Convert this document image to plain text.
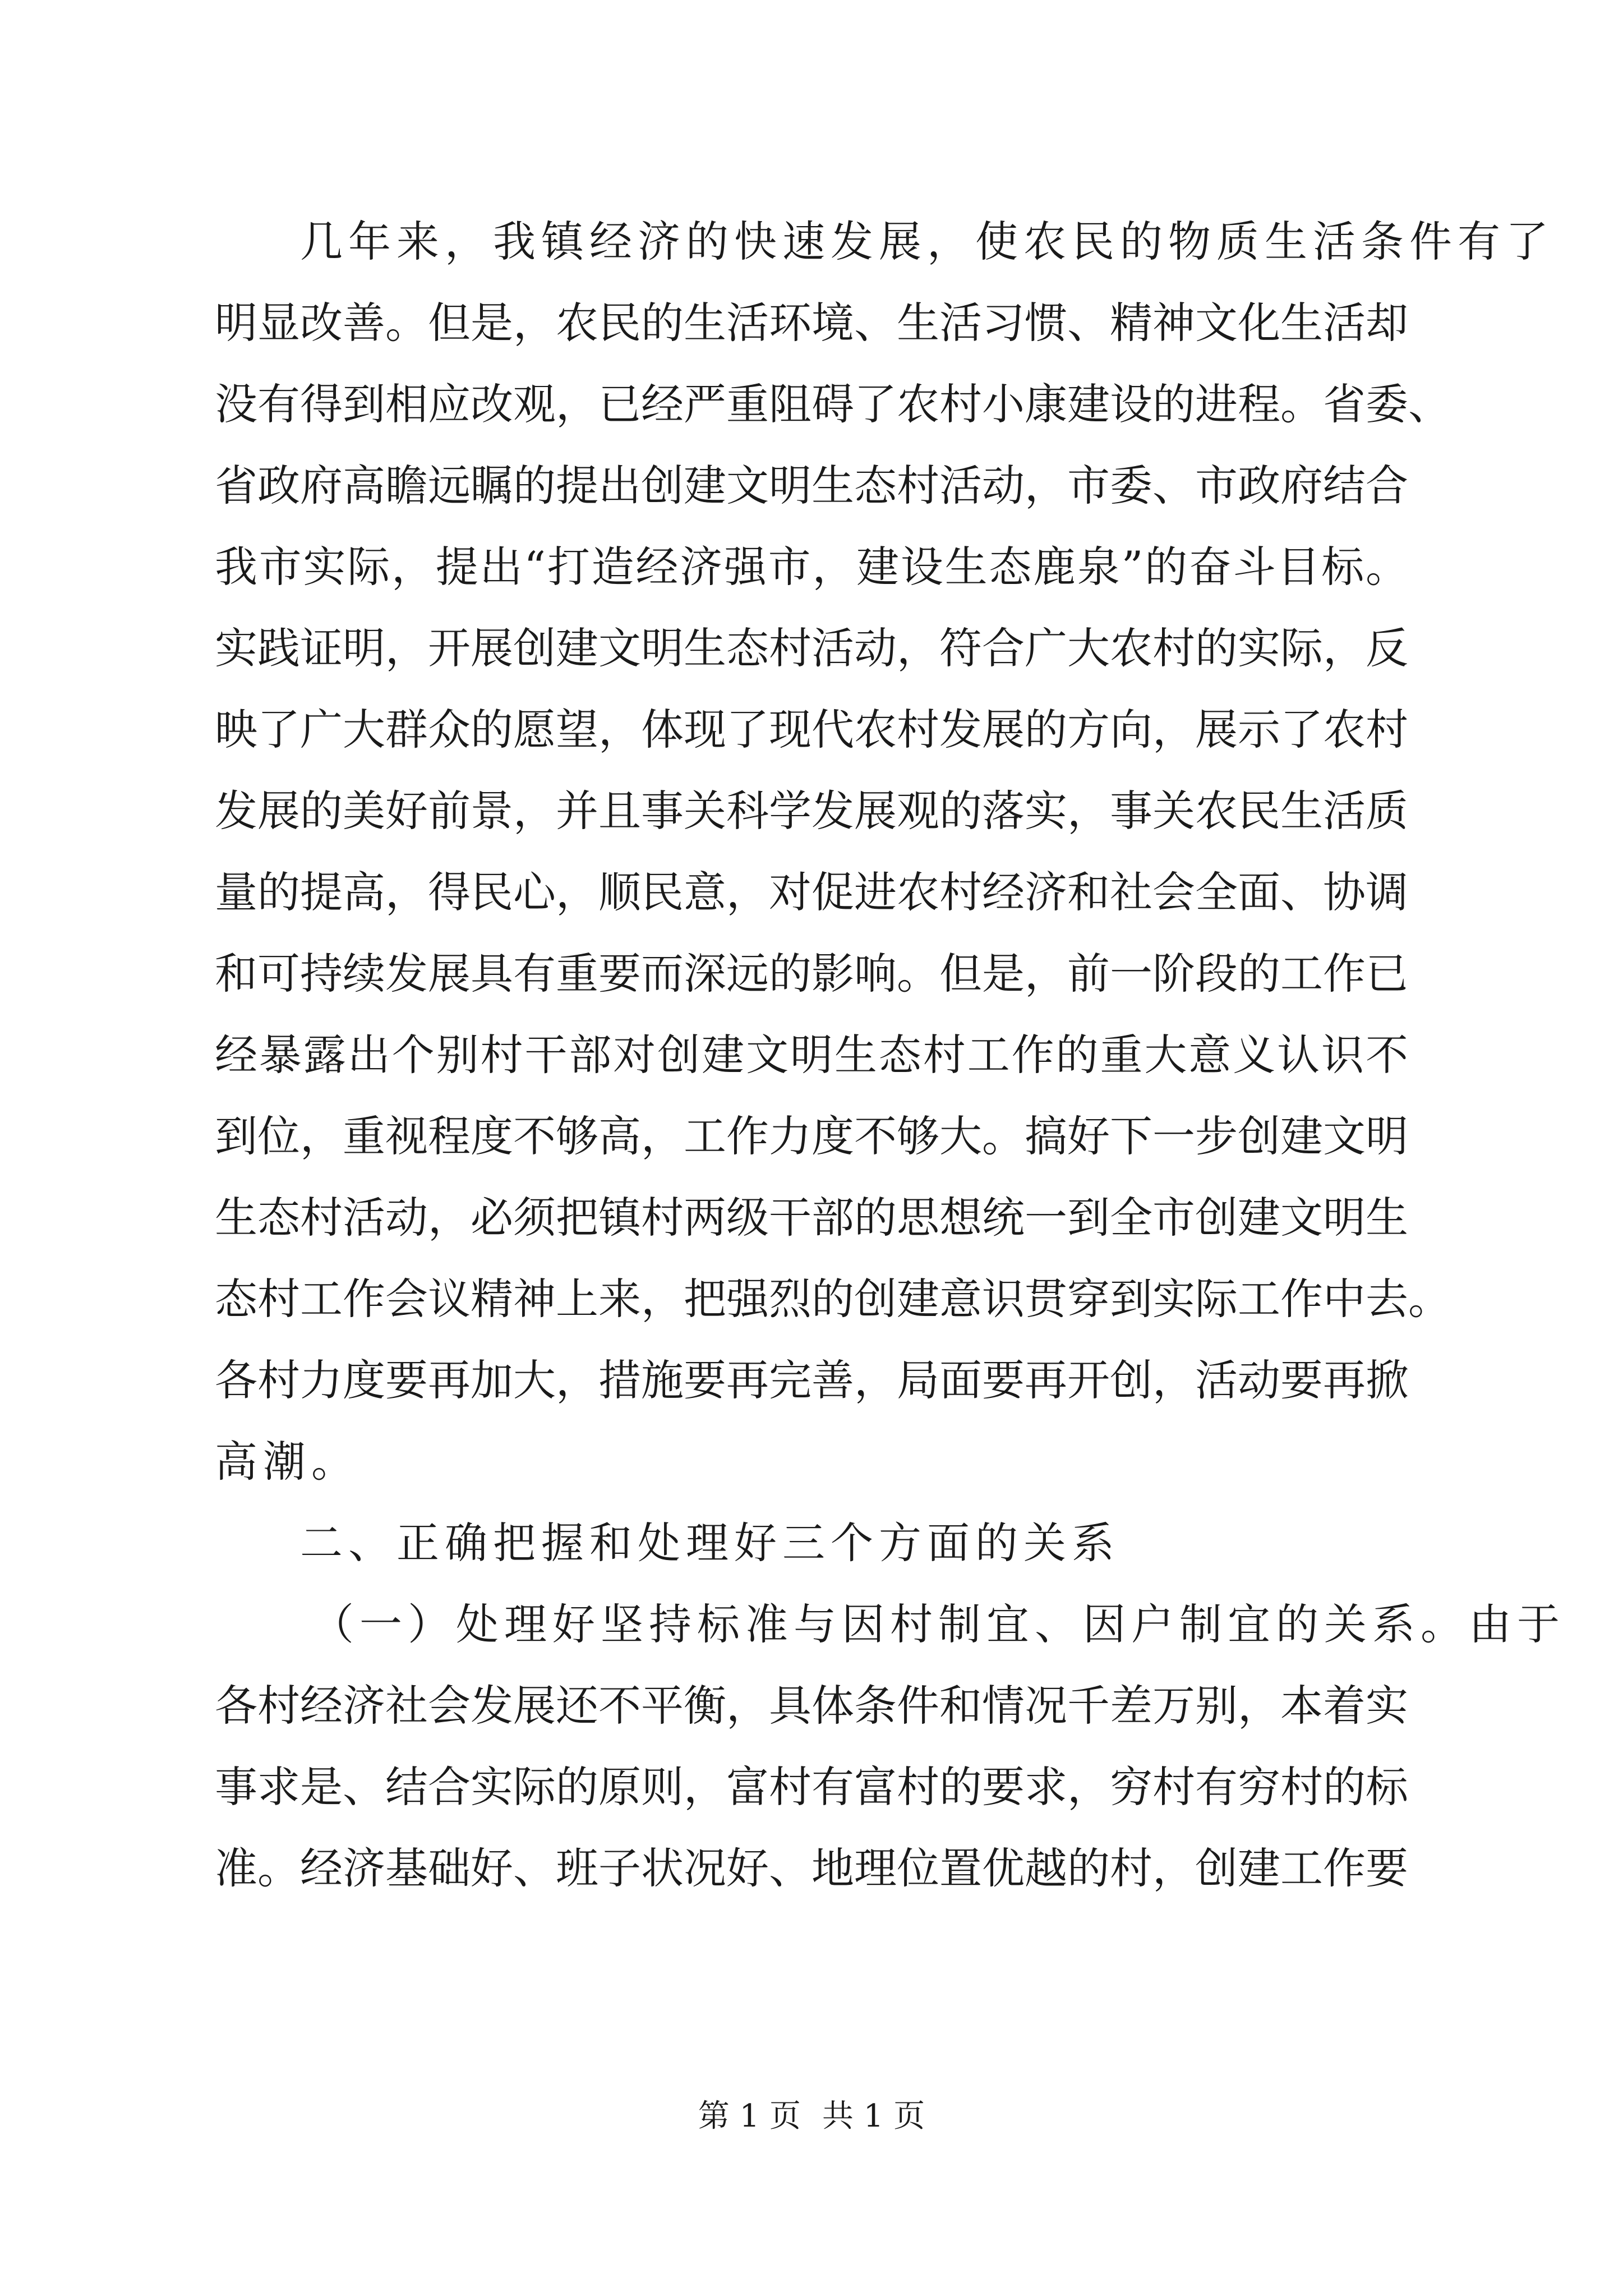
几年来，我镇经济的快速发展，使农民的物质生活条件有了
明显改善。但是，农民的生活环境、生活习惯、精神文化生活却
没有得到相应改观，已经严重阻碍了农村小康建设的进程。省委、
省政府高瞻远瞩的提出创建文明生态村活动，市委、市政府结合
我市实际，提出“打造经济强市，建设生态鹿泉”的奋斗目标。
实践证明，开展创建文明生态村活动，符合广大农村的实际，反
映了广大群众的愿望，体现了现代农村发展的方向，展示了农村
发展的美好前景，并且事关科学发展观的落实，事关农民生活质
量的提高，得民心，顺民意，对促进农村经济和社会全面、协调
和可持续发展具有重要而深远的影响。但是，前一阶段的工作已
经暴露出个别村干部对创建文明生态村工作的重大意义认识不
到位，重视程度不够高，工作力度不够大。搞好下一步创建文明
生态村活动，必须把镇村两级干部的思想统一到全市创建文明生
态村工作会议精神上来，把强烈的创建意识贯穿到实际工作中去。
各村力度要再加大，措施要再完善，局面要再开创，活动要再掀
高潮。
二、正确把握和处理好三个方面的关系
（一）处理好坚持标准与因村制宜、因户制宜的关系。由于
各村经济社会发展还不平衡，具体条件和情况千差万别，本着实
事求是、结合实际的原则，富村有富村的要求，穷村有穷村的标
准。经济基础好、班子状况好、地理位置优越的村，创建工作要
第 1 页 共 1 页
